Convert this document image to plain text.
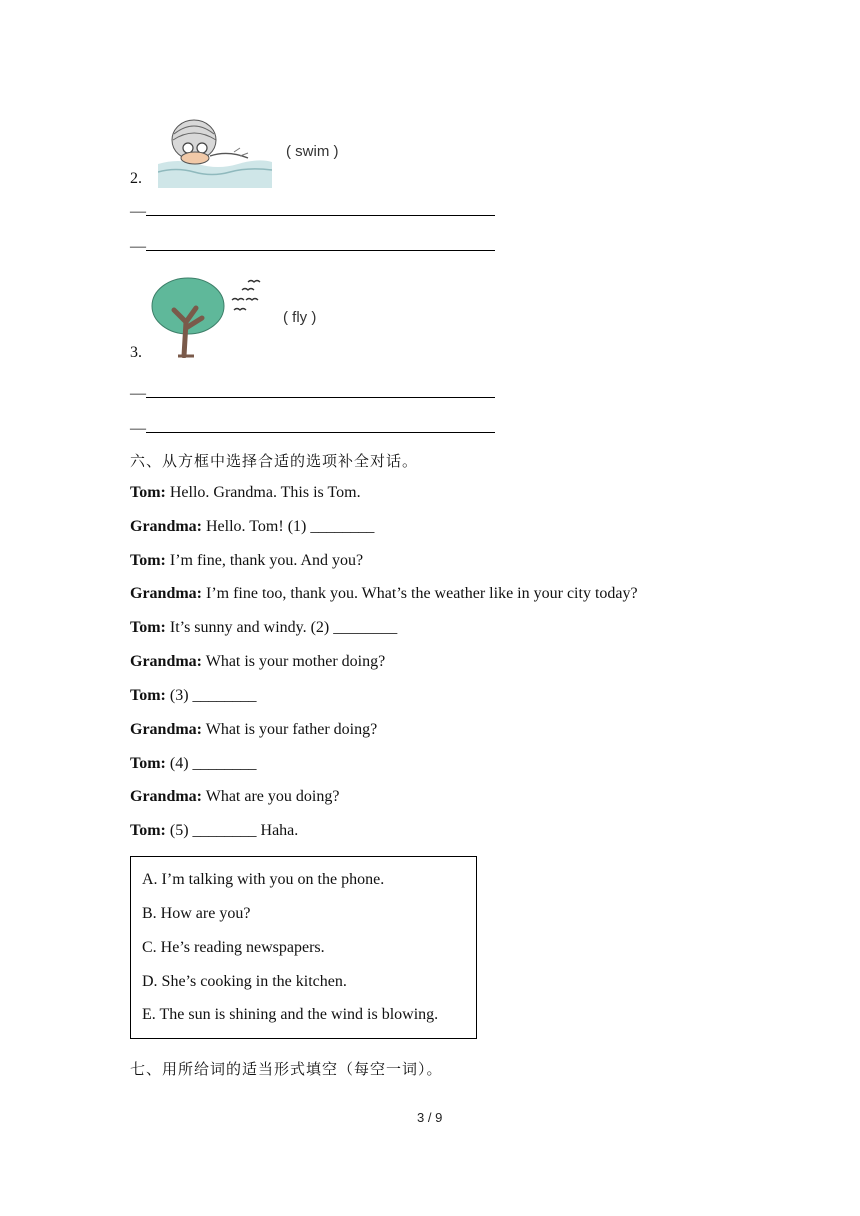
( swim )
2.
—
—
( fly )
3.
—
—
六、从方框中选择合适的选项补全对话。
Tom: Hello. Grandma. This is Tom.
Grandma: Hello. Tom! (1) ________
Tom: I’m fine, thank you. And you?
Grandma: I’m fine too, thank you. What’s the weather like in your city today?
Tom: It’s sunny and windy. (2) ________
Grandma: What is your mother doing?
Tom: (3) ________
Grandma: What is your father doing?
Tom: (4) ________
Grandma: What are you doing?
Tom: (5) ________ Haha.
A. I’m talking with you on the phone.
B. How are you?
C. He’s reading newspapers.
D. She’s cooking in the kitchen.
E. The sun is shining and the wind is blowing.
七、用所给词的适当形式填空（每空一词）。
3 / 9
